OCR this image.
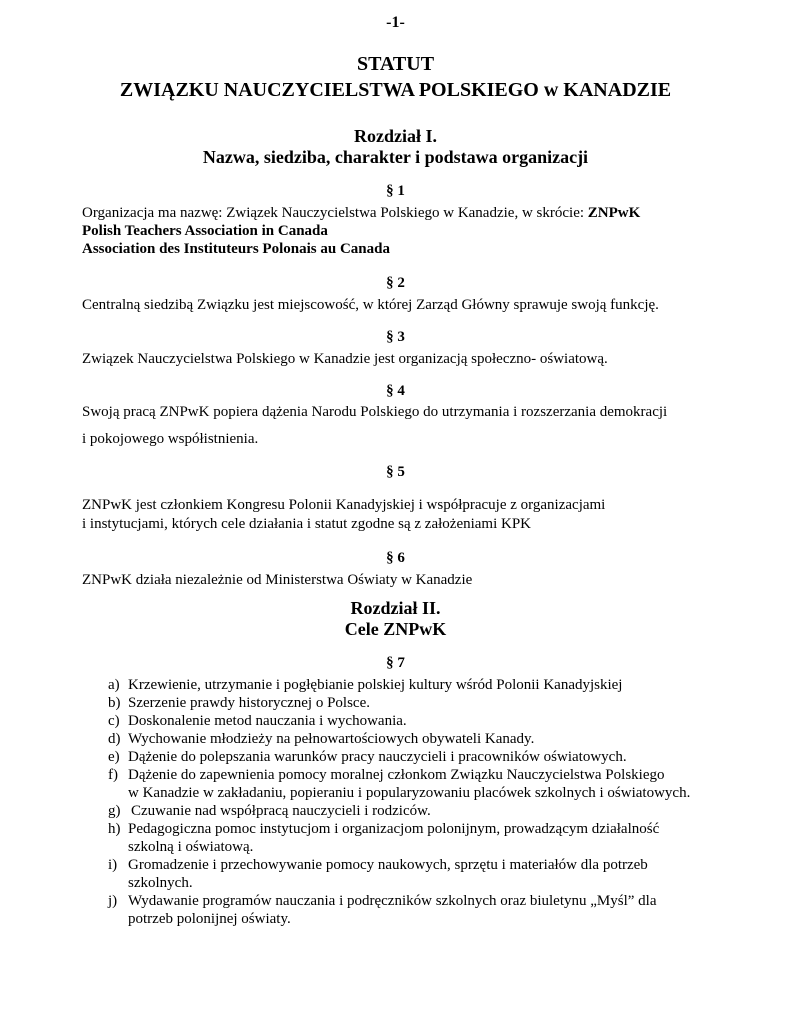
-1-
STATUT
ZWIĄZKU NAUCZYCIELSTWA POLSKIEGO w KANADZIE
Rozdział I.
Nazwa, siedziba, charakter i podstawa organizacji
§ 1
Organizacja ma nazwę: Związek Nauczycielstwa Polskiego w Kanadzie, w skrócie: ZNPwK
Polish Teachers Association in Canada
Association des Instituteurs Polonais au Canada
§ 2
Centralną siedzibą Związku jest miejscowość, w której Zarząd Główny sprawuje swoją funkcję.
§ 3
Związek Nauczycielstwa Polskiego w Kanadzie jest organizacją społeczno- oświatową.
§ 4
Swoją pracą ZNPwK popiera dążenia Narodu Polskiego do utrzymania i rozszerzania demokracji
i pokojowego współistnienia.
§ 5
ZNPwK jest członkiem Kongresu Polonii Kanadyjskiej i współpracuje z organizacjami
i instytucjami, których cele działania i statut zgodne są z założeniami KPK
§ 6
ZNPwK działa niezależnie od Ministerstwa Oświaty w Kanadzie
Rozdział II.
Cele ZNPwK
§ 7
a) Krzewienie, utrzymanie i pogłębianie polskiej kultury wśród Polonii Kanadyjskiej
b) Szerzenie prawdy historycznej o Polsce.
c) Doskonalenie metod nauczania i wychowania.
d) Wychowanie młodzieży na pełnowartościowych obywateli Kanady.
e) Dążenie do polepszania warunków pracy nauczycieli i pracowników oświatowych.
f) Dążenie do zapewnienia pomocy moralnej członkom Związku Nauczycielstwa Polskiego
w Kanadzie w zakładaniu, popieraniu i popularyzowaniu placówek szkolnych i oświatowych.
g) Czuwanie nad współpracą nauczycieli i rodziców.
h) Pedagogiczna pomoc instytucjom i organizacjom polonijnym, prowadzącym działalność
szkolną i oświatową.
i) Gromadzenie i przechowywanie pomocy naukowych, sprzętu i materiałów dla potrzeb
szkolnych.
j) Wydawanie programów nauczania i podręczników szkolnych oraz biuletynu „Myśl” dla
potrzeb polonijnej oświaty.
